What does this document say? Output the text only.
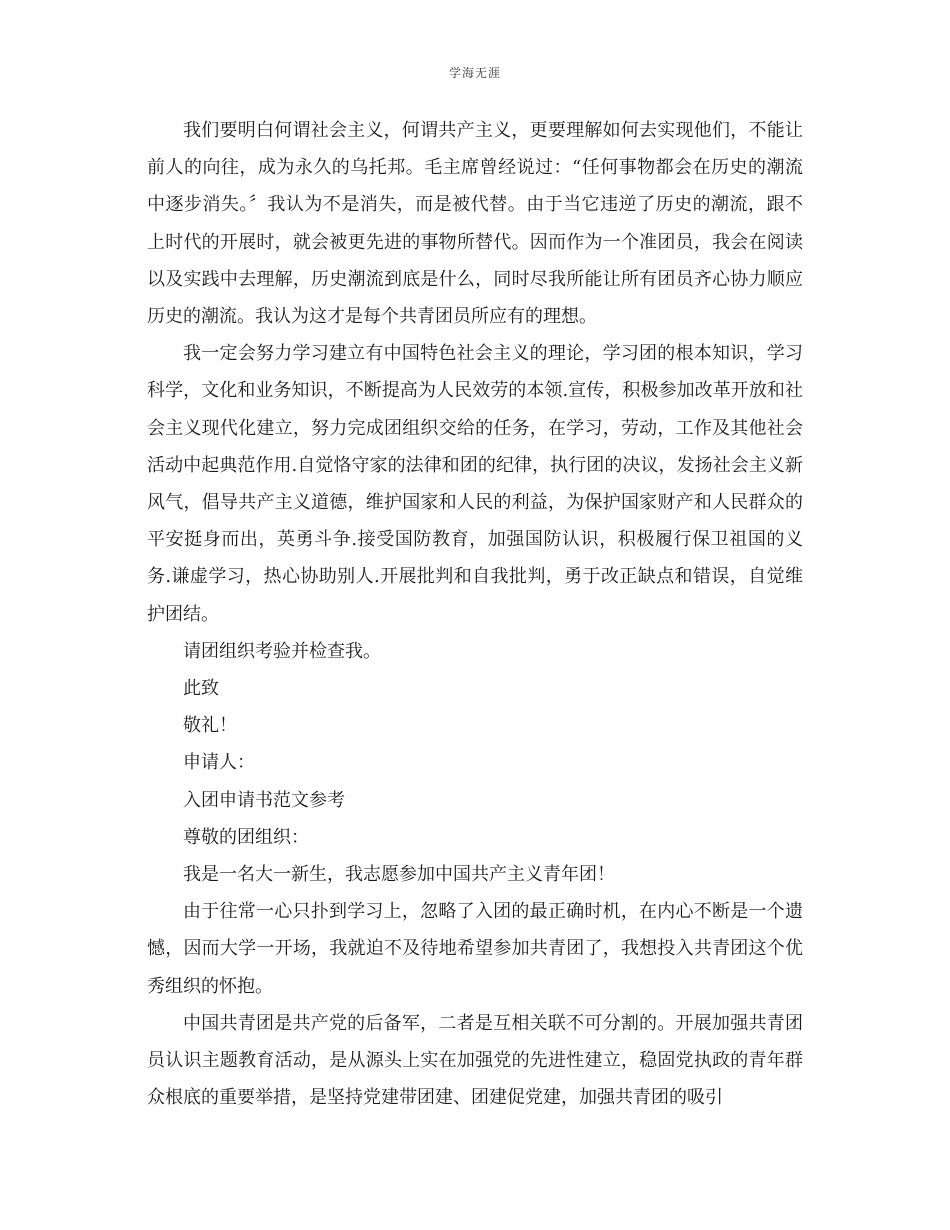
学海无涯

我们要明白何谓社会主义，何谓共产主义，更要理解如何去实现他们，不能让前人的向往，成为永久的乌托邦。毛主席曾经说过：“任何事物都会在历史的潮流中逐步消失。〞我认为不是消失，而是被代替。由于当它违逆了历史的潮流，跟不上时代的开展时，就会被更先进的事物所替代。因而作为一个准团员，我会在阅读以及实践中去理解，历史潮流到底是什么，同时尽我所能让所有团员齐心协力顺应历史的潮流。我认为这才是每个共青团员所应有的理想。

我一定会努力学习建立有中国特色社会主义的理论，学习团的根本知识，学习科学，文化和业务知识，不断提高为人民效劳的本领.宣传，积极参加改革开放和社会主义现代化建立，努力完成团组织交给的任务，在学习，劳动，工作及其他社会活动中起典范作用.自觉恪守家的法律和团的纪律，执行团的决议，发扬社会主义新风气，倡导共产主义道德，维护国家和人民的利益，为保护国家财产和人民群众的平安挺身而出，英勇斗争.接受国防教育，加强国防认识，积极履行保卫祖国的义务.谦虚学习，热心协助别人.开展批判和自我批判，勇于改正缺点和错误，自觉维护团结。

请团组织考验并检查我。

此致

敬礼！

申请人：

入团申请书范文参考

尊敬的团组织：

我是一名大一新生，我志愿参加中国共产主义青年团！

由于往常一心只扑到学习上，忽略了入团的最正确时机，在内心不断是一个遗憾，因而大学一开场，我就迫不及待地希望参加共青团了，我想投入共青团这个优秀组织的怀抱。

中国共青团是共产党的后备军，二者是互相关联不可分割的。开展加强共青团员认识主题教育活动，是从源头上实在加强党的先进性建立，稳固党执政的青年群众根底的重要举措，是坚持党建带团建、团建促党建，加强共青团的吸引
